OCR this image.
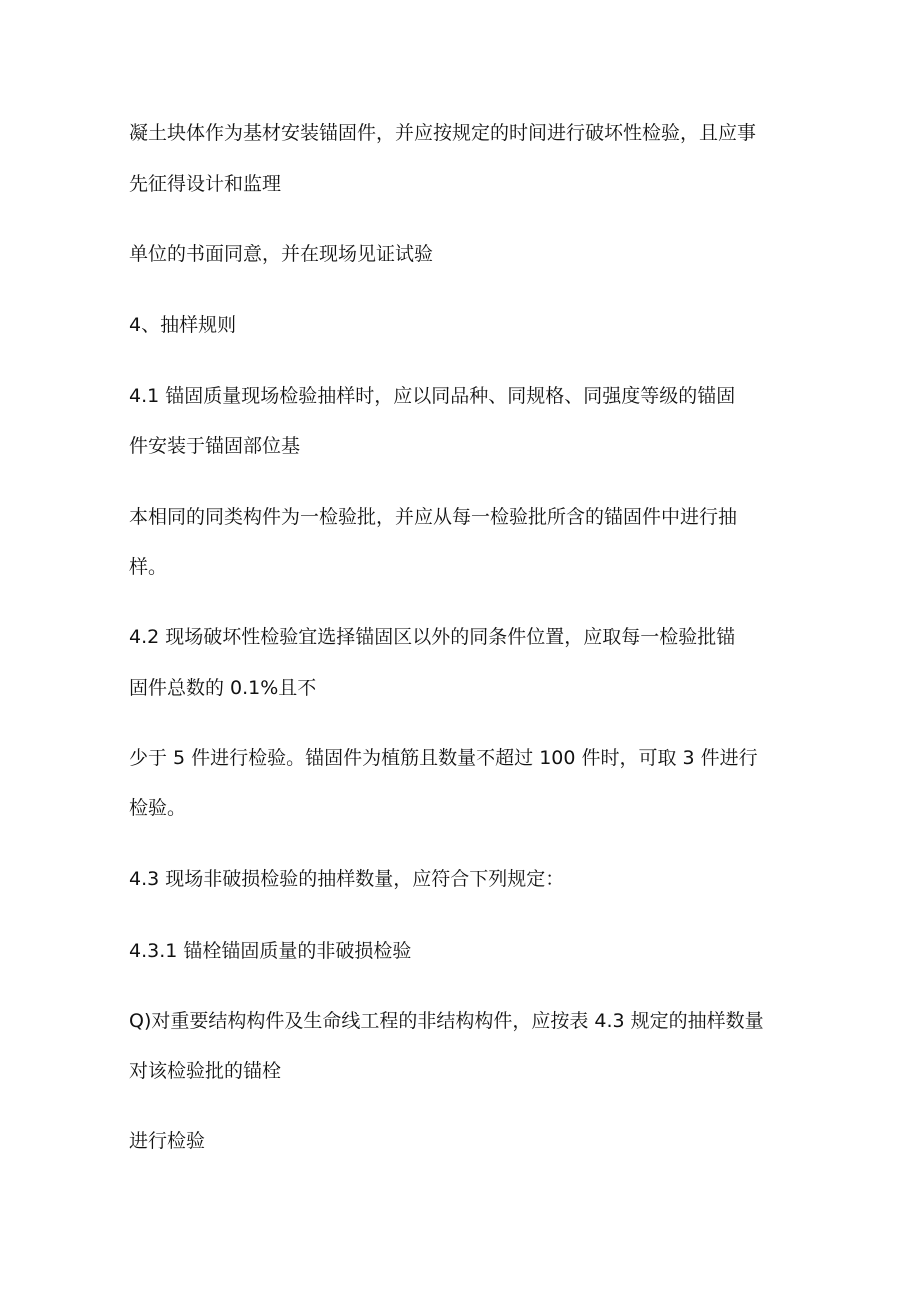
凝土块体作为基材安装锚固件，并应按规定的时间进行破坏性检验，且应事
先征得设计和监理
单位的书面同意，并在现场见证试验
4、抽样规则
4.1 锚固质量现场检验抽样时，应以同品种、同规格、同强度等级的锚固
件安装于锚固部位基
本相同的同类构件为一检验批，并应从每一检验批所含的锚固件中进行抽
样。
4.2 现场破坏性检验宜选择锚固区以外的同条件位置，应取每一检验批锚
固件总数的 0.1%且不
少于 5 件进行检验。锚固件为植筋且数量不超过 100 件时，可取 3 件进行
检验。
4.3 现场非破损检验的抽样数量，应符合下列规定：
4.3.1 锚栓锚固质量的非破损检验
Q)对重要结构构件及生命线工程的非结构构件，应按表 4.3 规定的抽样数量
对该检验批的锚栓
进行检验
